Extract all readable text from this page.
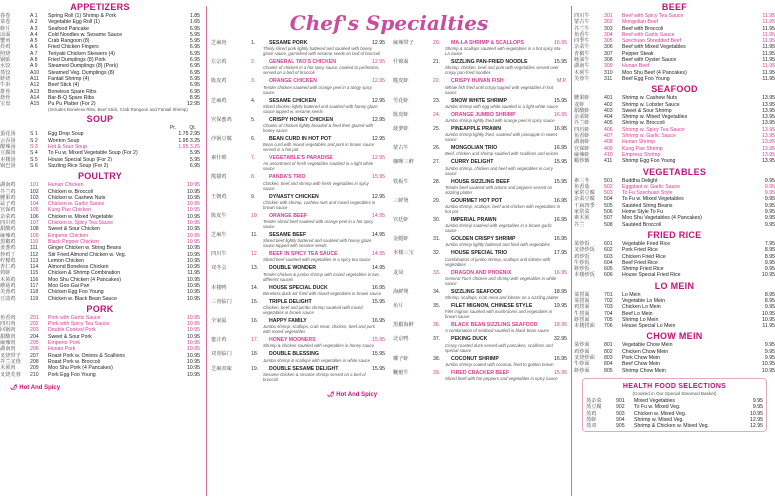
APPETIZERS
春卷	A 1	Spring Roll (1) Shrimp & Pork	1.85
菜卷	A 2	Vegetable Egg Roll (1)	1.65
虾片	A 3	Seafood Pancake	6.95
凉面	A 4	Cold Noodles w. Sesame Sauce	5.95
蟹角	A 5	Crab Rangoon (8)	5.95
炸鸡	A 6	Fried Chicken Fingers	6.95
照烧	A 7	Teriyaki Chicken Skewers (4)	6.95
锅贴	A 8	Fried Dumplings (8) Pork	6.95
水饺	A 9	Steamed Dumplings (8) (Pork)	6.95
蒸饺	A10	Steamed Veg. Dumplings (8)	6.95
虾烧	A11	Fantail Shrimp (4)	5.95
牛串	A12	Beef Stick (4)	6.95
排骨	A13	Boneless Spare Ribs	6.95
烧骨	A14	Bar-B-Q Spare Ribs	8.95
宝盘	A15	Pu Pu Platter (For 2)	12.95
(Includes Boneless Ribs, Beef Stick, Crab Rangoon and Fantail Shrimp)
SOUP
Pt.	Qt.
蛋花汤	S 1	Egg Drop Soup	1.75 2.95
云吞汤	S 2	Wonton Soup	1.95 3.25
酸辣汤	S 3	Hot & Sour Soup	1.95 3.25
豆腐汤	S 4	To Fu w. Mixed Vegetable Soup (For 2)	5.95
本楼汤	S 5	House Special Soup (For 2)	5.95
锅巴汤	S 6	Sizzling Rice Soup (For 2)	6.95
POULTRY
湖南鸡	101	Hunan Chicken	10.95
芥兰鸡	102	Chicken w. Broccoli	10.95
腰果鸡	103	Chicken w. Cashew Nuts	10.95
蒜子鸡	104	Chicken w. Garlic Sauce	10.95
宫保鸡	105	Kung Pao Chicken	10.95
杂菜鸡	106	Chicken w. Mixed Vegetable	10.95
四川鸡	107	Chicken w. Spicy Tea Sauce	10.95
甜酸鸡	108	Sweet & Sour Chicken	10.95
麻辣鸡	109	Emperor Chicken	10.95
黑椒鸡	110	Black Pepper Chicken	10.95
姜葱鸡	111	Ginger Chicken w. String Beans	10.95
炒鸡丁	112	Stir Fried Almond Chicken w. Veg.	10.95
柠檬鸡	113	Lemon Chicken	10.95
杏仁鸡	114	Almond Boneless Chicken	10.95
鸡虾	115	Chicken & Shrimp Combination	11.95
木须鸡	116	Moo Shu Chicken (4 Pancakes)	10.95
蘑菇鸡	117	Moo Goo Gai Pan	10.95
芙蓉鸡	118	Chicken Egg Foo Young	10.95
豆豉鸡	119	Chicken w. Black Bean Sauce	10.95
PORK
鱼香肉	201	Pork with Garlic Sauce	10.95
四川肉	202	Pork with Spicy Tea Sauce	10.95
回锅肉	203	Double Cooked Pork	10.95
甜酸肉	204	Sweet & Sour Pork	10.95
麻辣肉	205	Emperor Pork	10.95
湖南肉	206	Hunan Pork	10.95
叉烧带子	207	Roast Pork w. Onions & Scallions	10.95
芥兰叉烧	208	Roast Pork w. Broccoli	10.95
木须肉	209	Moo Shu Pork (4 Pancakes)	10.95
叉烧芙蓉	210	Pork Egg Foo Young	10.95
🌶︎ Hot And Spicy
Chef's Specialties
芝麻肉	1.	SESAME PORK	12.95
Thinly sliced pork lightly battered and sautéed with honey glaze sauce, garnished with sesame seeds on bed of broccoli
左宗鸡	2.	GENERAL TAO'S CHICKEN	12.95
Chunks of chicken in a hot spicy sauce, cooked to perfection, served on a bed of broccoli
陈皮鸡	3.	ORANGE CHICKEN	12.95
Tender chicken sautéed with orange peel in a tangy spicy sauce
芝麻鸡	4.	SESAME CHICKEN	12.95
Sliced chicken lightly battered and sautéed with honey glaze sauce topped w. sesame seeds
宫保蜜鸡	5.	CRISPY HONEY CHICKEN	12.95
Chunks of chicken lightly breaded & fried then glazed with honey sauce
沙锅豆腐	6.	BEAN CURD IN HOT POT	12.95
Bean curd with mixed vegetables and pork in brown sauce served in a hot pot
素什锦	7.	VEGETABLE'S PARADISE	12.95
An assortment of fresh vegetables sautéed in a light white sauce
熊猫鸡	8.	PANDA'S TRIO	15.95
Chicken, beef and shrimp with fresh vegetables in spicy sauce
王朝鸡	9.	DYNASTY CHICKEN	12.95
Chicken with shrimp, cashew nuts and mixed vegetables in brown sauce
陈皮牛	10.	ORANGE BEEF	14.95
Tender sliced beef sautéed with orange peel in a hot spicy sauce
芝麻牛	11.	SESAME BEEF	14.95
Sliced beef lightly battered and sautéed with honey glaze sauce topped with sesame seeds
四川牛	12.	BEEF IN SPICY TEA SAUCE	14.95
Sliced beef sautéed with vegetables in a spicy tea sauce
双冬会	13.	DOUBLE WONDER	14.95
Tender chicken & jumbo shrimp with mixed vegetables in two different sauces
本楼鸭	14.	HOUSE SPECIAL DUCK	16.95
Boneless duck stir fried with mixed vegetables in brown sauce
三喜临门	15.	TRIPLE DELIGHT	15.95
Chicken, beef and jumbo shrimp sautéed with mixed vegetables in brown sauce
全家福	16.	HAPPY FAMILY	16.95
Jumbo shrimp, scallops, crab meat, chicken, beef and pork with mixed vegetables
蜜汁鸡	17.	HONEY MOONERS	15.95
Shrimp & chicken sautéed with vegetables in honey sauce
双喜临门	18.	DOUBLE BLESSING	15.95
Jumbo shrimp & scallops with vegetables in white sauce
芝麻双味	19.	DOUBLE SESAME DELIGHT	15.95
Sesame chicken & sesame shrimp served on a bed of broccoli
麻辣带子	20.	MA-LA SHRIMP & SCALLOPS	16.95
Shrimp & scallops sautéed with vegetables in a hot spicy Ma-La sauce
什锦面	21.	SIZZLING PAN-FRIED NOODLE	15.95
Shrimp, chicken, beef and pork with vegetables served over crispy pan-fried noodles
脆皮虾	22.	CRISPY HUNAN FISH	M.P.
Whole fish fried until crispy topped with vegetables in hot sauce
雪花虾	23.	SNOW WHITE SHRIMP	15.95
Jumbo shrimp with egg white sautéed in a light white sauce
陈皮虾	24.	ORANGE JUMBO SHRIMP	16.95
Jumbo shrimp lightly fried with orange peel in spicy sauce
菠萝虾	25.	PINEAPPLE PRAWN	16.95
Jumbo shrimp lightly fried, sautéed with pineapple in sweet sauce
蒙古牛	26.	MONGOLIAN TRIO	16.95
Beef, chicken and shrimp sautéed with scallions and onions
咖喱三鲜	27.	CURRY DELIGHT	15.95
Jumbo shrimp, chicken and beef with vegetables in curry sauce
铁板牛	28.	HOUSE SIZZLING BEEF	15.95
Tender beef sautéed with onions and peppers served on sizzling platter
三鲜煲	29.	GOURMET HOT POT	16.95
Jumbo shrimp, scallops, beef and chicken with vegetables in hot pot
宫廷虾	30.	IMPERIAL PRAWN	16.95
Jumbo shrimp sautéed with vegetables in a brown garlic sauce
金脆虾	31.	GOLDEN CRISPY SHRIMP	16.95
Jumbo shrimp lightly battered and fried with vegetables
本楼三宝	32.	HOUSE SPECIAL TRIO	17.95
Combination of jumbo shrimp, scallops and lobster with vegetables
龙凤	33.	DRAGON AND PHOENIX	16.95
General Tao's chicken and shrimp with vegetables in white sauce
海鲜煲	34.	SIZZLING SEAFOOD	18.95
Shrimp, scallops, crab meat and lobster on a sizzling platter
鱼片	35.	FILET MIGNON, CHINESE STYLE	19.95
Filet mignon sautéed with mushrooms and vegetables in brown sauce
黑椒海鲜	36.	BLACK BEAN SIZZLING SEAFOOD	18.95
A combination of seafood sautéed in black bean sauce
北京鸭	37.	PEKING DUCK	32.95
Crispy roasted duck served with pancakes, scallions and special sauce
椰子虾	38.	COCONUT SHRIMP	16.95
Jumbo shrimp coated with coconut, fried to golden brown
鞭炮牛	39.	FIRED CRACKER BEEF	15.95
Sliced beef with hot peppers and vegetables in spicy sauce
🌶︎ Hot And Spicy
BEEF
四川牛	301	Beef with Spicy Tea Sauce	11.95
蒙古牛	302	Mongolian Beef	11.95
芥兰牛	303	Beef with Broccoli	11.95
鱼香牛	304	Beef with Garlic Sauce	11.95
四季牛	305	Szechuan Shredded Beef	11.95
杂菜牛	306	Beef with Mixed Vegetables	11.95
青椒牛	307	Pepper Steak	11.95
蚝油牛	308	Beef with Oyster Sauce	11.95
湖南牛	309	Hunan Beef	11.95
木须牛	310	Moo Shu Beef (4 Pancakes)	11.95
芙蓉牛	311	Beef Egg Foo Young	11.95
SEAFOOD
腰果虾	401	Shrimp w. Cashew Nuts	13.95
龙虾	402	Shrimp w. Lobster Sauce	13.95
甜酸虾	403	Sweet & Sour Shrimp	13.95
杂菜虾	404	Shrimp w. Mixed Vegetables	13.95
芥兰虾	405	Shrimp w. Broccoli	13.95
四川虾	406	Shrimp w. Spicy Tea Sauce	13.95
鱼香虾	407	Shrimp w. Garlic Sauce	13.95
湖南虾	408	Hunan Shrimp	13.95
宫保虾	409	Kung Pao Shrimp	13.95
麻辣虾	410	Empress Shrimp	13.95
蝦炒飯	411	Shrimp Egg Foo Young	13.95
VEGETABLES
素三冬	501	Buddha Delight	9.95
鱼香茄	502	Eggplant w. Garlic Sauce	9.95
家常豆腐	503	To Fu Szechuan Style	9.95
杂菜豆腐	504	To Fu w. Mixed Vegetables	9.95
干扁四季	505	Sautéed String Beans	9.95
家常菜	506	Home Style To Fu	9.95
素木须	507	Moo Shu Vegetables (4 Pancakes)	9.95
芥兰	508	Sautéed Broccoli	9.95
FRIED RICE
菜炒饭	601	Vegetable Fried Rice	7.95
叉烧炒饭	602	Pork Fried Rice	8.95
鸡炒饭	603	Chicken Fried Rice	8.95
牛炒饭	604	Beef Fried Rice	9.95
虾炒饭	605	Shrimp Fried Rice	9.95
本楼炒饭	606	House Special Fried Rice	10.95
LO MEIN
菜捞面	701	Lo Mein	8.95
菜捞面	702	Vegetable Lo Mein	8.95
鸡捞面	703	Chicken Lo Mein	9.95
牛捞面	704	Beef Lo Mein	10.95
虾捞面	705	Shrimp Lo Mein	10.95
本楼捞面	706	House Special Lo Mein	11.95
CHOW MEIN
菜炒面	801	Vegetable Chow Mein	9.95
鸡炒面	802	Chicken Chow Mein	9.95
叉烧炒面	803	Pork Chow Mein	9.95
牛炒面	804	Beef Chow Mein	10.95
虾炒面	805	Shrimp Chow Mein	10.95
HEALTH FOOD SELECTIONS
(Cooked in Our Special Steamed Basket)
蒸杂菜	901	Mixed Vegetables	9.95
蒸豆腐	902	To Fu w. Mixed Veg.	9.95
蒸鸡	903	Chicken w. Mixed Veg.	10.95
蒸虾	904	Shrimp w. Mixed Veg.	12.95
蒸双	905	Shrimp & Chicken w. Mixed Veg.	12.95
